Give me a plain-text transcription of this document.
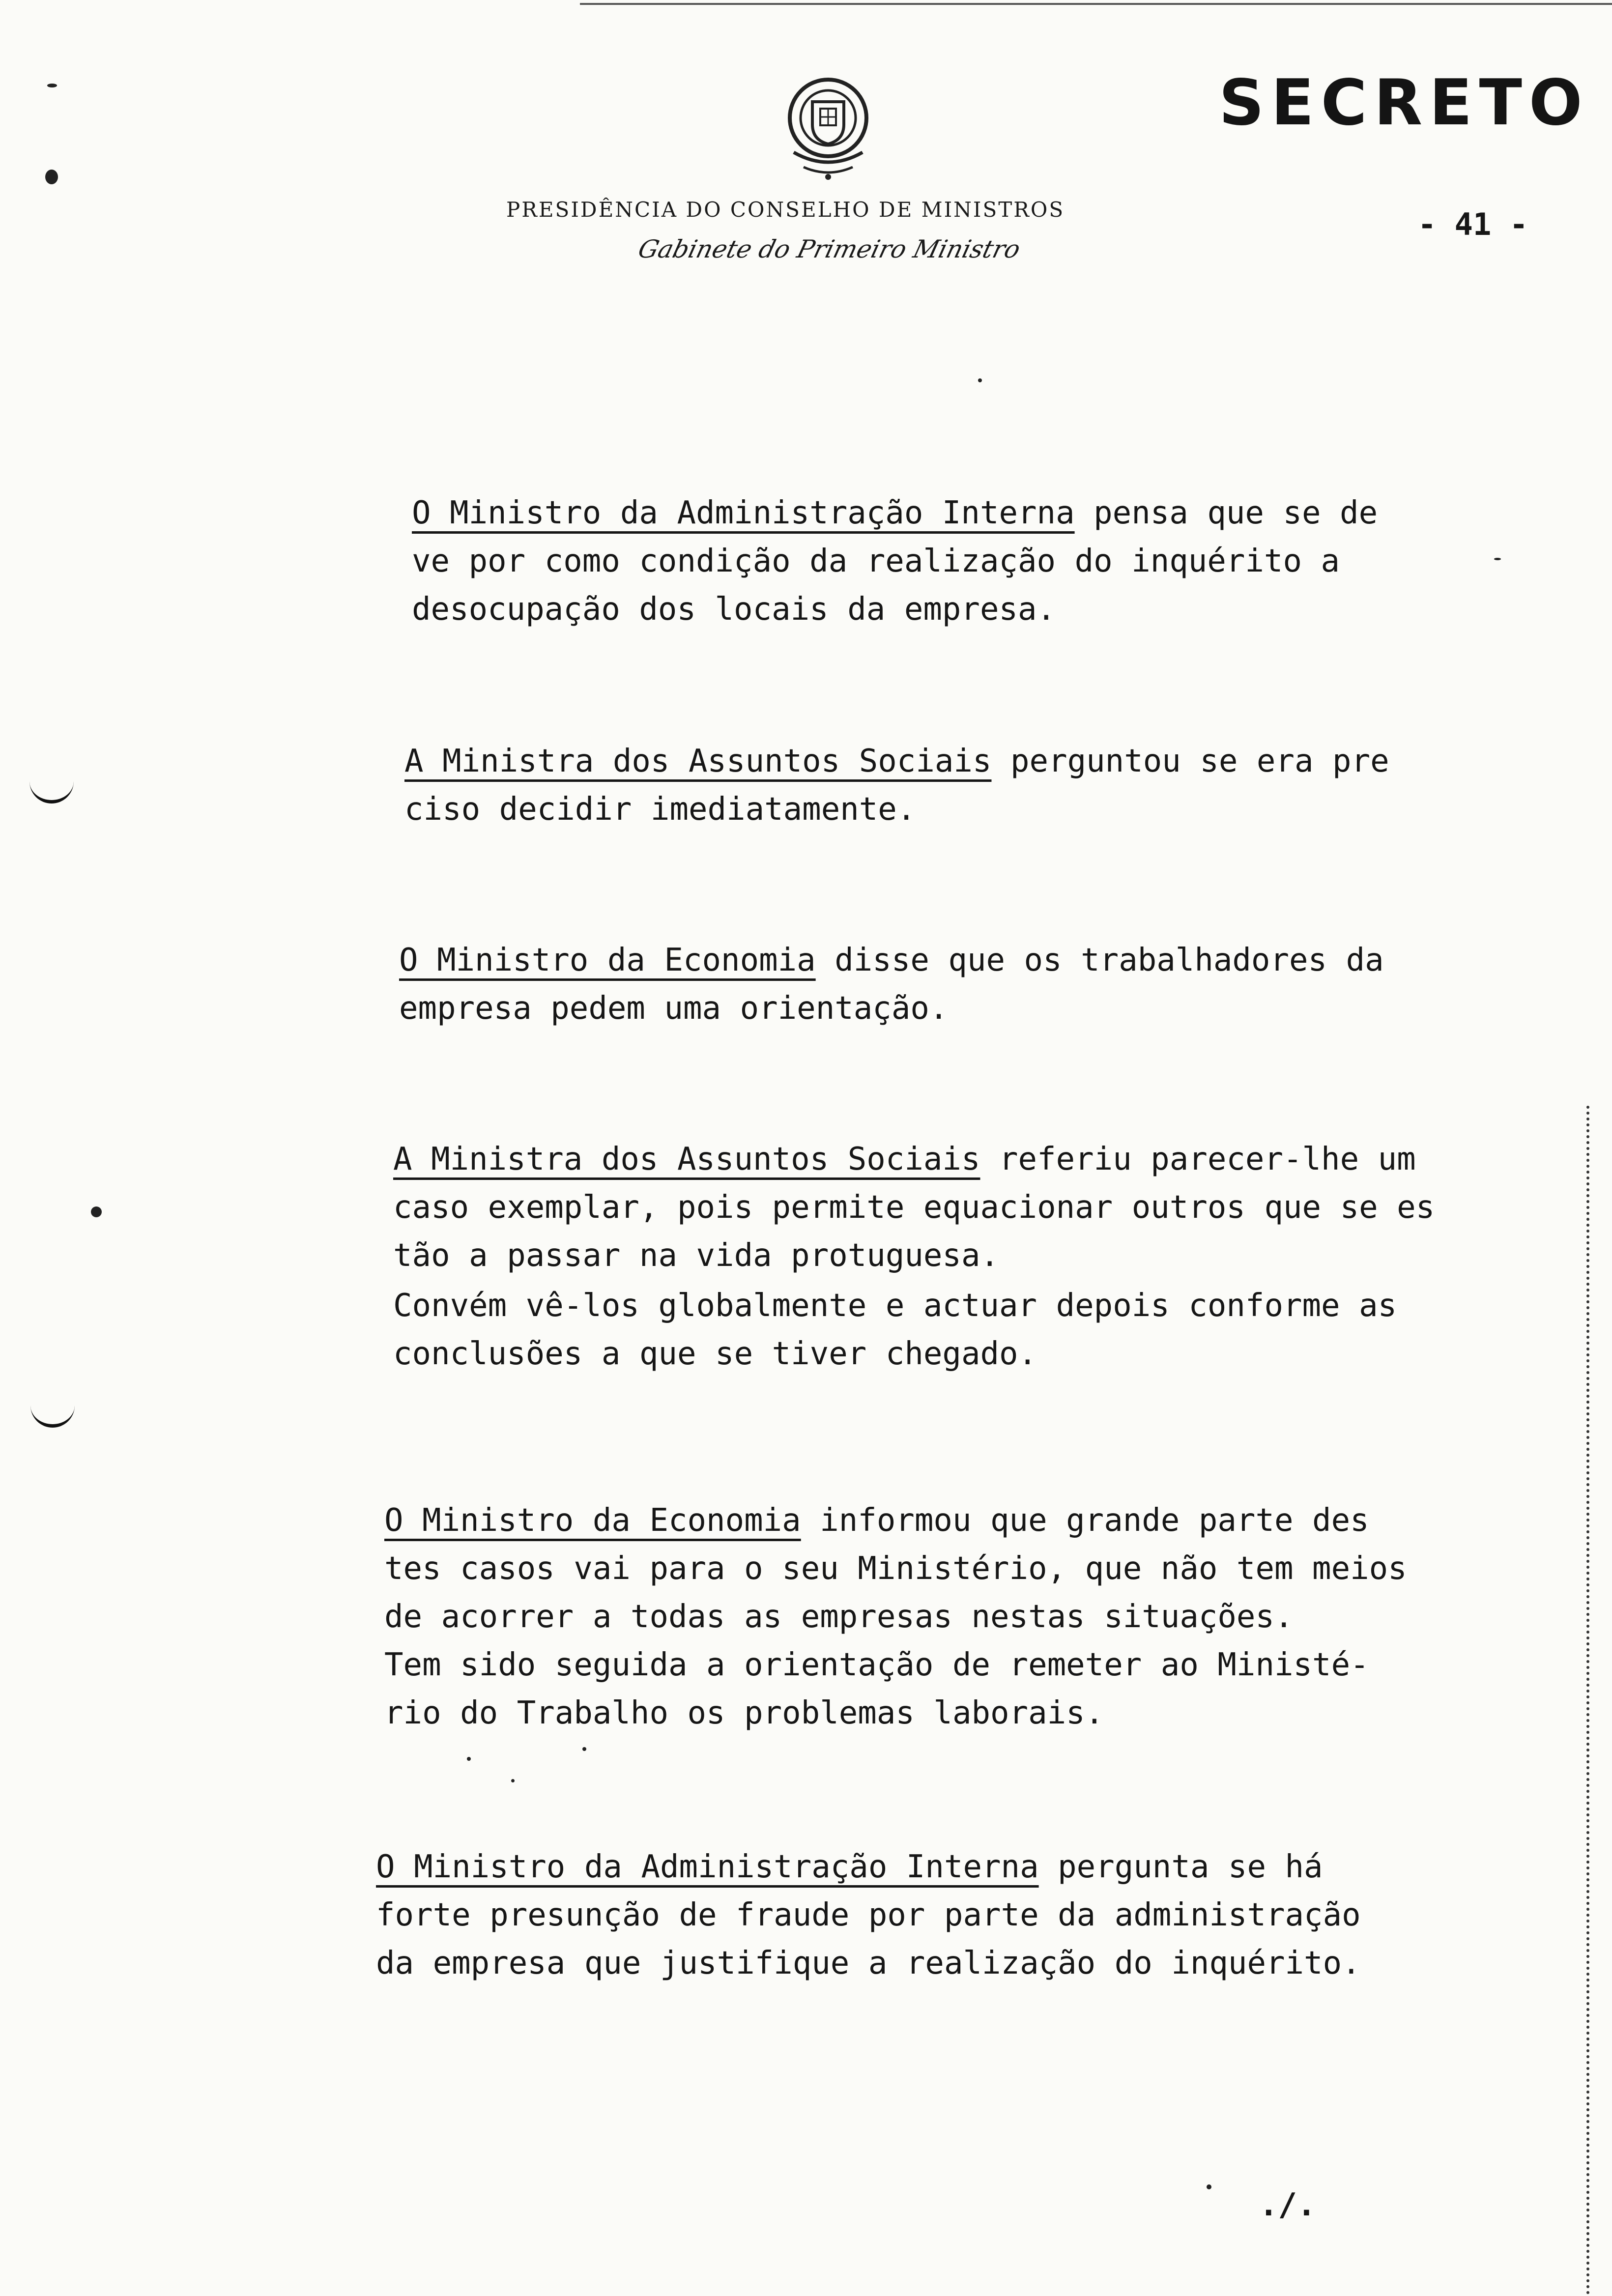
SECRETO
PRESIDÊNCIA DO CONSELHO DE MINISTROS
Gabinete do Primeiro Ministro
- 41 -
O Ministro da Administração Interna pensa que se de
ve por como condição da realização do inquérito a
desocupação dos locais da empresa.
A Ministra dos Assuntos Sociais perguntou se era pre
ciso decidir imediatamente.
O Ministro da Economia disse que os trabalhadores da
empresa pedem uma orientação.
A Ministra dos Assuntos Sociais referiu parecer-lhe um
caso exemplar, pois permite equacionar outros que se es
tão a passar na vida protuguesa.
Convém vê-los globalmente e actuar depois conforme as
conclusões a que se tiver chegado.
O Ministro da Economia informou que grande parte des
tes casos vai para o seu Ministério, que não tem meios
de acorrer a todas as empresas nestas situações.
Tem sido seguida a orientação de remeter ao Ministé-
rio do Trabalho os problemas laborais.
O Ministro da Administração Interna pergunta se há
forte presunção de fraude por parte da administração
da empresa que justifique a realização do inquérito.
./.
